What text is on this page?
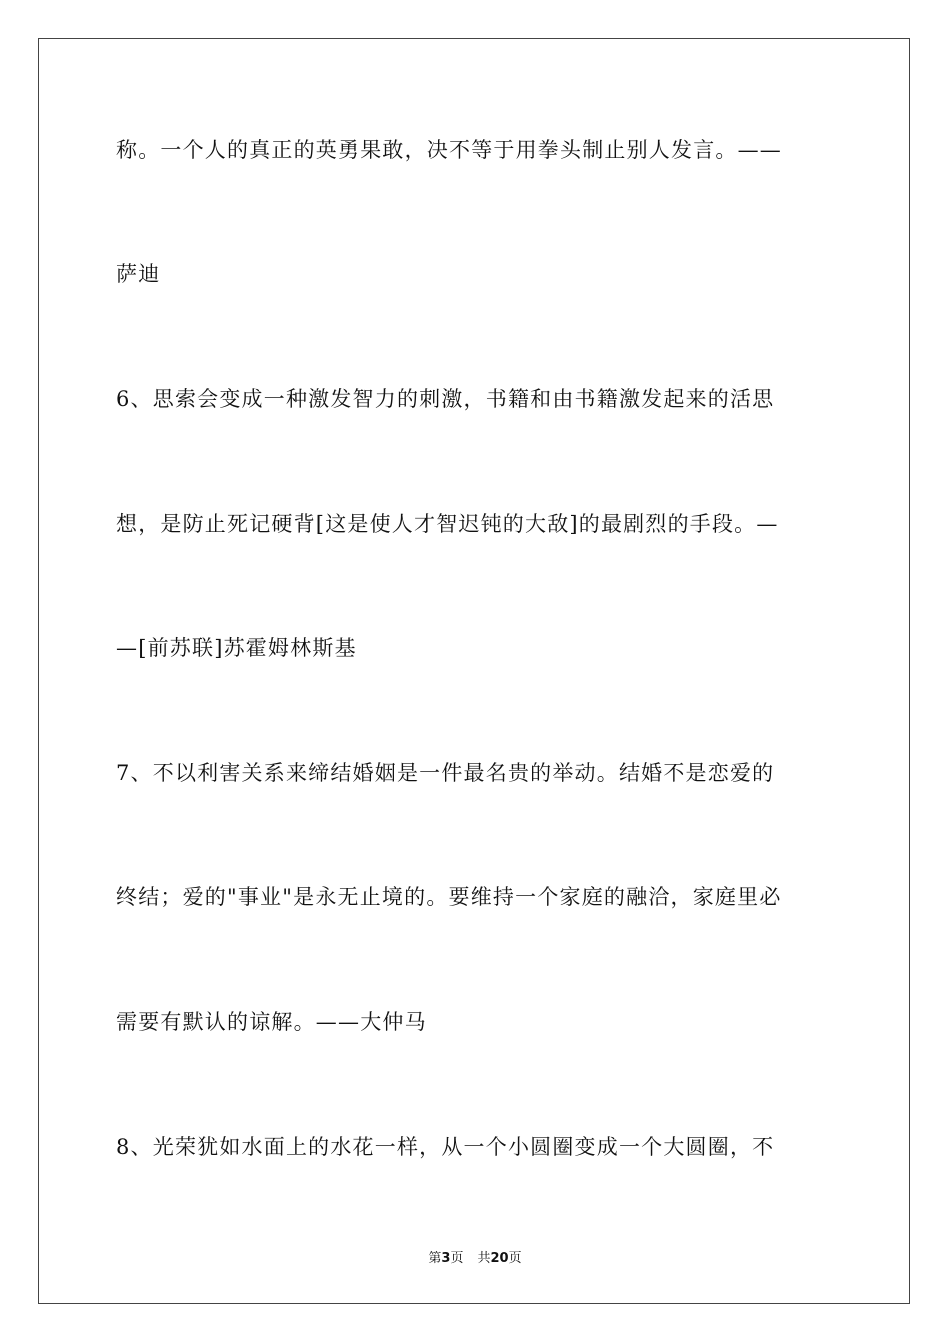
称。一个人的真正的英勇果敢，决不等于用拳头制止别人发言。——
萨迪
6、思索会变成一种激发智力的刺激，书籍和由书籍激发起来的活思
想，是防止死记硬背[这是使人才智迟钝的大敌]的最剧烈的手段。—
—[前苏联]苏霍姆林斯基
7、不以利害关系来缔结婚姻是一件最名贵的举动。结婚不是恋爱的
终结；爱的"事业"是永无止境的。要维持一个家庭的融洽，家庭里必
需要有默认的谅解。——大仲马
8、光荣犹如水面上的水花一样，从一个小圆圈变成一个大圆圈，不
第3页 共20页
